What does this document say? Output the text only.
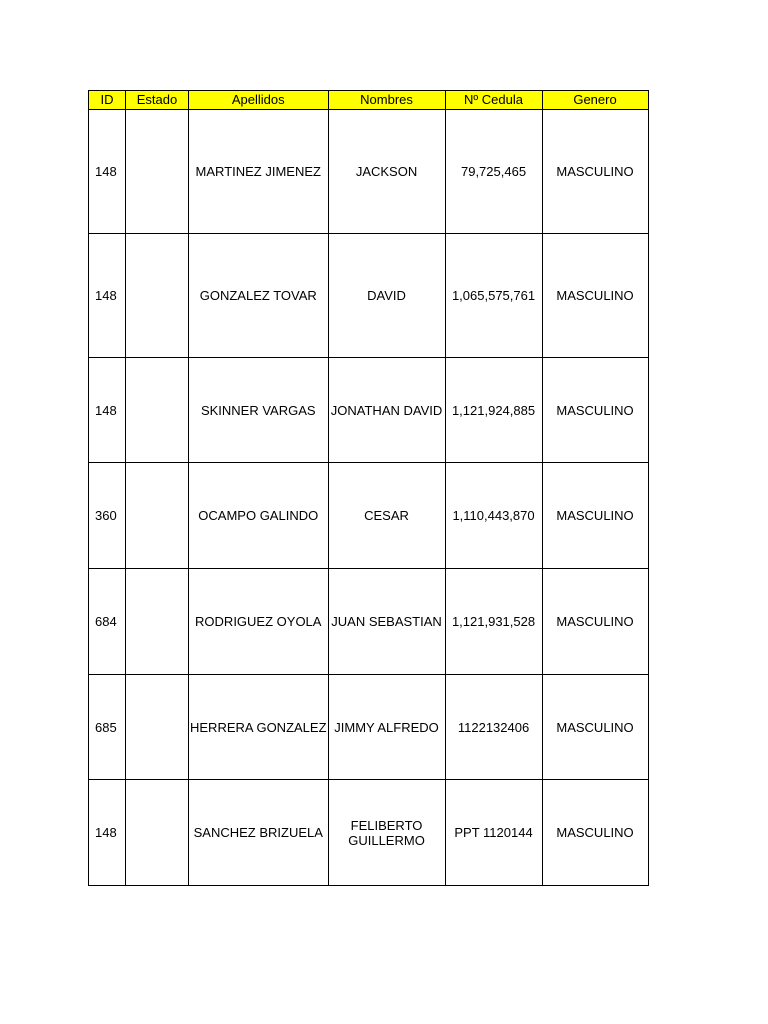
ID	Estado	Apellidos	Nombres	Nº Cedula	Genero
148		MARTINEZ JIMENEZ	JACKSON	79,725,465	MASCULINO
148		GONZALEZ TOVAR	DAVID	1,065,575,761	MASCULINO
148		SKINNER VARGAS	JONATHAN DAVID	1,121,924,885	MASCULINO
360		OCAMPO GALINDO	CESAR	1,110,443,870	MASCULINO
684		RODRIGUEZ OYOLA	JUAN SEBASTIAN	1,121,931,528	MASCULINO
685		HERRERA GONZALEZ	JIMMY ALFREDO	1122132406	MASCULINO
148		SANCHEZ BRIZUELA	FELIBERTO GUILLERMO	PPT 1120144	MASCULINO
